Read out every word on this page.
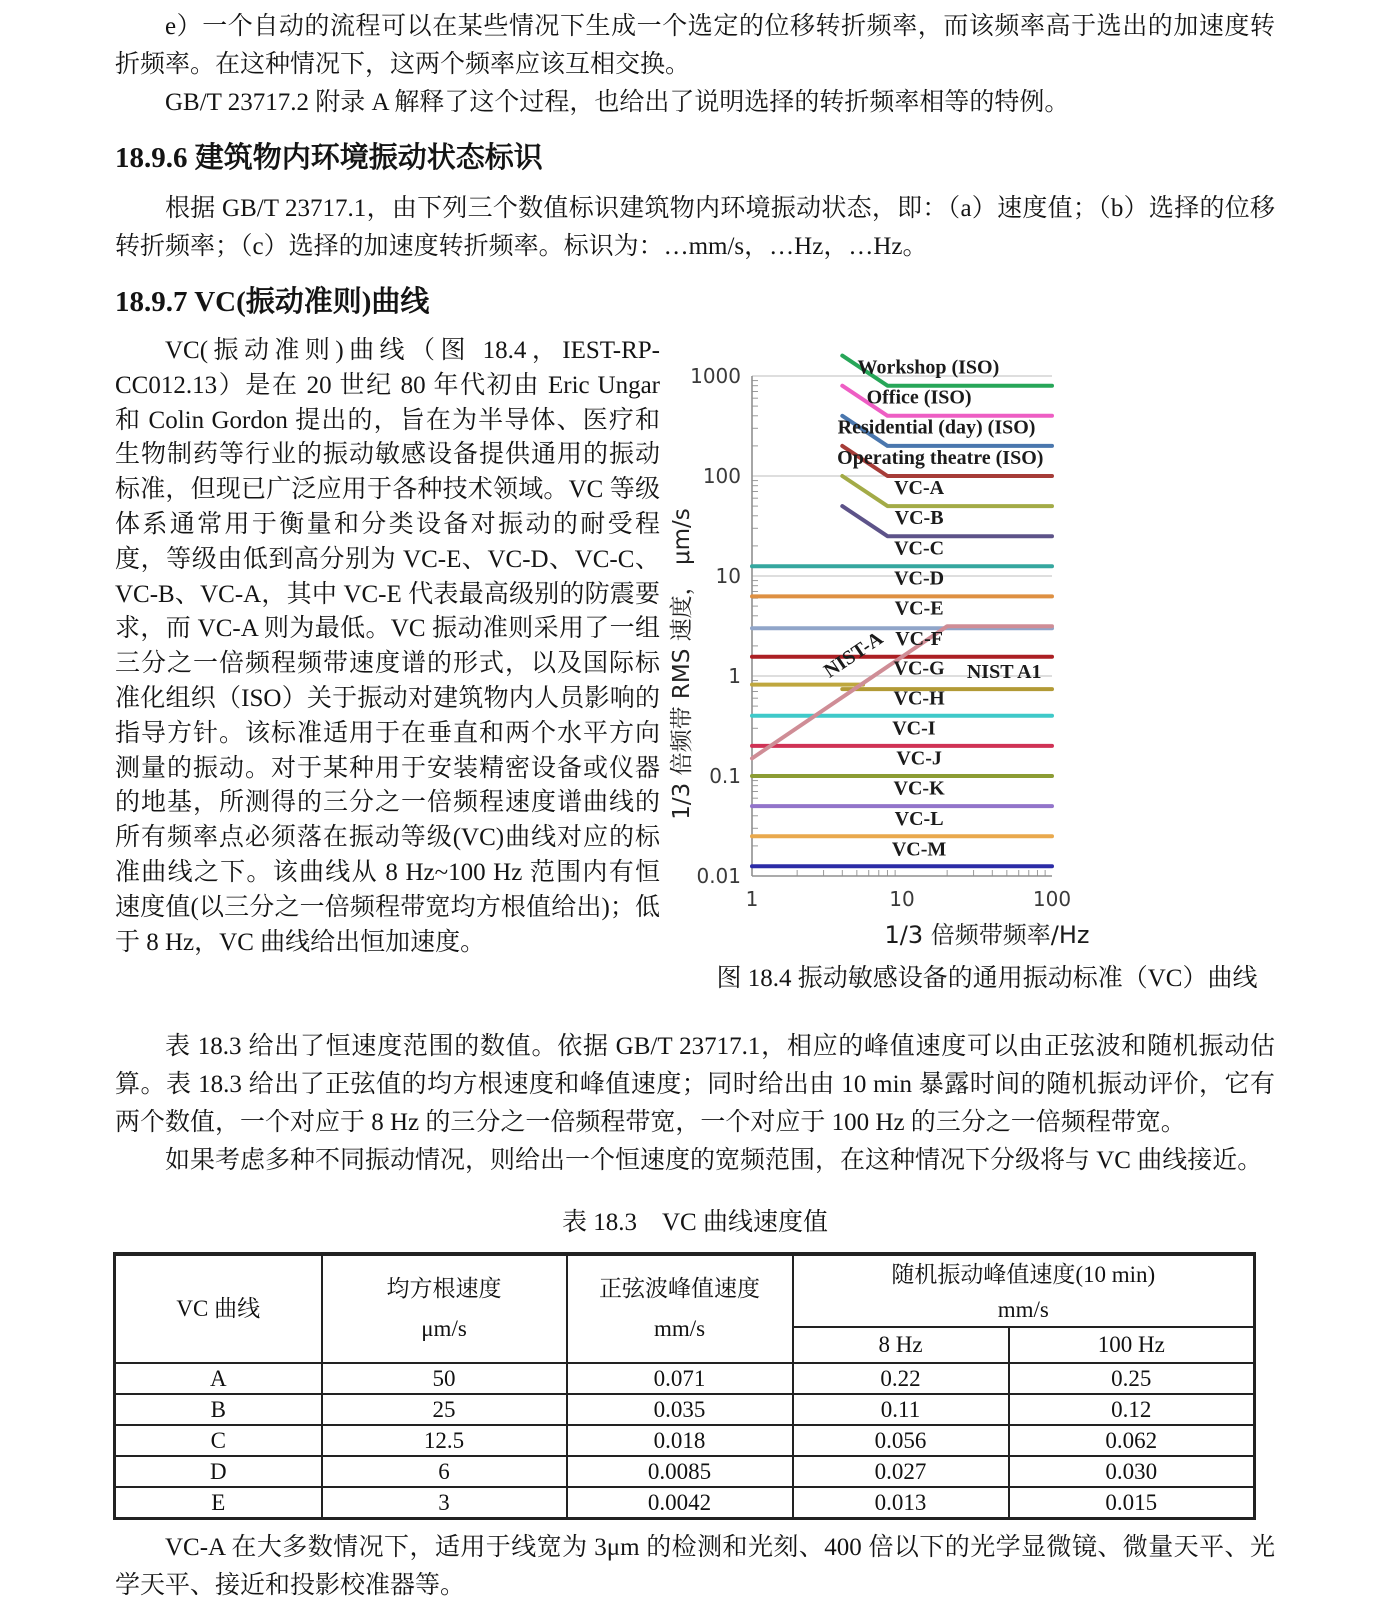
e）一个自动的流程可以在某些情况下生成一个选定的位移转折频率，而该频率高于选出的加速度转折频率。在这种情况下，这两个频率应该互相交换。

GB/T 23717.2 附录 A 解释了这个过程，也给出了说明选择的转折频率相等的特例。

18.9.6 建筑物内环境振动状态标识

根据 GB/T 23717.1，由下列三个数值标识建筑物内环境振动状态，即：（a）速度值；（b）选择的位移转折频率；（c）选择的加速度转折频率。标识为：…mm/s，…Hz，…Hz。

18.9.7 VC(振动准则)曲线
VC(振动准则)曲线（图 18.4，IEST-RP-CC012.13）是在 20 世纪 80 年代初由 Eric Ungar 和 Colin Gordon 提出的，旨在为半导体、医疗和生物制药等行业的振动敏感设备提供通用的振动标准，但现已广泛应用于各种技术领域。VC 等级体系通常用于衡量和分类设备对振动的耐受程度，等级由低到高分别为 VC-E、VC-D、VC-C、VC-B、VC-A，其中 VC-E 代表最高级别的防震要求，而 VC-A 则为最低。VC 振动准则采用了一组三分之一倍频程频带速度谱的形式，以及国际标准化组织（ISO）关于振动对建筑物内人员影响的指导方针。该标准适用于在垂直和两个水平方向测量的振动。对于某种用于安装精密设备或仪器的地基，所测得的三分之一倍频程速度谱曲线的所有频率点必须落在振动等级(VC)曲线对应的标准曲线之下。该曲线从 8 Hz~100 Hz 范围内有恒速度值(以三分之一倍频程带宽均方根值给出)；低于 8 Hz，VC 曲线给出恒加速度。
0.01
0.1
1
10
100
1000
1	10	100
Workshop (ISO)
Office (ISO)
Residential (day) (ISO)
Operating theatre (ISO)
VC-A
VC-B
VC-C
VC-D
VC-E
NIST-A VC-F
VC-G NIST A1
VC-H
VC-I
VC-J
VC-K
VC-L
VC-M
1/3 倍频带 RMS 速度， μm/s
1/3 倍频带频率/Hz
图 18.4 振动敏感设备的通用振动标准（VC）曲线

表 18.3 给出了恒速度范围的数值。依据 GB/T 23717.1，相应的峰值速度可以由正弦波和随机振动估算。表 18.3 给出了正弦值的均方根速度和峰值速度；同时给出由 10 min 暴露时间的随机振动评价，它有两个数值，一个对应于 8 Hz 的三分之一倍频程带宽，一个对应于 100 Hz 的三分之一倍频程带宽。

如果考虑多种不同振动情况，则给出一个恒速度的宽频范围，在这种情况下分级将与 VC 曲线接近。

表 18.3　VC 曲线速度值
VC 曲线

均方根速度
μm/s

正弦波峰值速度
mm/s

随机振动峰值速度(10 min)
mm/s

			8 Hz	100 Hz
A	50	0.071	0.22	0.25
B	25	0.035	0.11	0.12
C	12.5	0.018	0.056	0.062
D	6	0.0085	0.027	0.030
E	3	0.0042	0.013	0.015

VC-A 在大多数情况下，适用于线宽为 3μm 的检测和光刻、400 倍以下的光学显微镜、微量天平、光学天平、接近和投影校准器等。
